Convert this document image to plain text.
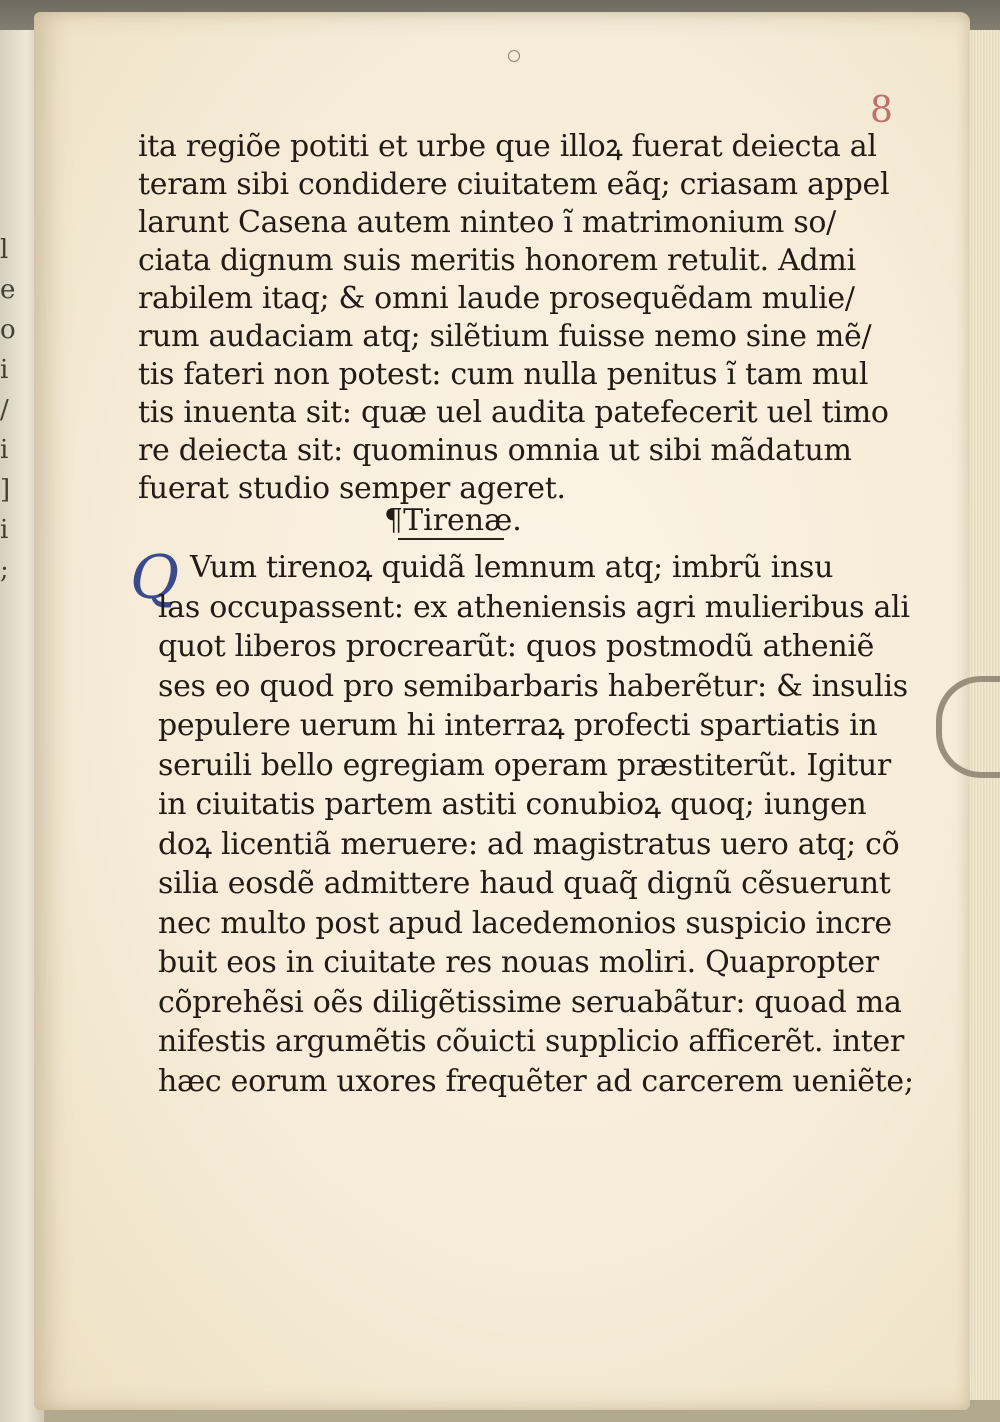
l
e
o
i
/
i
]
i
;
8
ita regiõe potiti et urbe que illoꝝ fuerat deiecta al
teram sibi condidere ciuitatem eãq; criasam appel
larunt Casena autem ninteo ĩ matrimonium so/
ciata dignum suis meritis honorem retulit. Admi
rabilem itaq; & omni laude prosequẽdam mulie/
rum audaciam atq; silẽtium fuisse nemo sine mẽ/
tis fateri non potest: cum nulla penitus ĩ tam mul
tis inuenta sit: quæ uel audita patefecerit uel timo
re deiecta sit: quominus omnia ut sibi mãdatum
fuerat studio semper ageret.
¶Tirenæ.
Q Vum tirenoꝝ quidã lemnum atq; imbrũ insu
las occupassent: ex atheniensis agri mulieribus ali
quot liberos procrearũt: quos postmodũ atheniẽ
ses eo quod pro semibarbaris haberẽtur: & insulis
pepulere uerum hi interraꝝ profecti spartiatis in
seruili bello egregiam operam præstiterũt. Igitur
in ciuitatis partem astiti conubioꝝ quoq; iungen
doꝝ licentiã meruere: ad magistratus uero atq; cõ
silia eosdẽ admittere haud quaq̃ dignũ cẽsuerunt
nec multo post apud lacedemonios suspicio incre
buit eos in ciuitate res nouas moliri. Quapropter
cõprehẽsi oẽs diligẽtissime seruabãtur: quoad ma
nifestis argumẽtis cõuicti supplicio afficerẽt. inter
hæc eorum uxores frequẽter ad carcerem ueniẽte;
